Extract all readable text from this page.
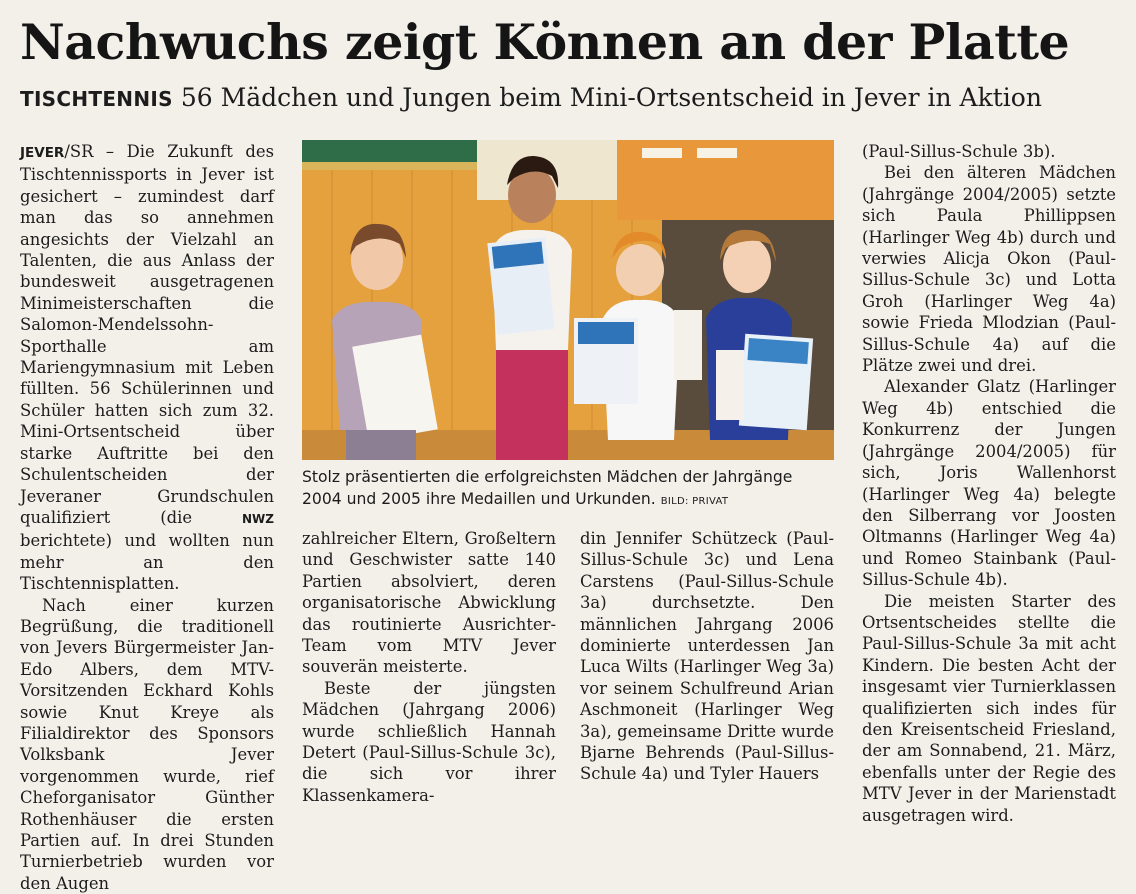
Nachwuchs zeigt Können an der Platte
TISCHTENNIS 56 Mädchen und Jungen beim Mini-Ortsentscheid in Jever in Aktion

JEVER/SR – Die Zukunft des Tischtennissports in Jever ist gesichert – zumindest darf man das so annehmen angesichts der Vielzahl an Talenten, die aus Anlass der bundesweit ausgetragenen Minimeisterschaften die Salomon-Mendelssohn-Sporthalle am Mariengymnasium mit Leben füllten. 56 Schülerinnen und Schüler hatten sich zum 32. Mini-Ortsentscheid über starke Auftritte bei den Schulentscheiden der Jeveraner Grundschulen qualifiziert (die NWZ berichtete) und wollten nun mehr an den Tischtennisplatten.

Nach einer kurzen Begrüßung, die traditionell von Jevers Bürgermeister Jan-Edo Albers, dem MTV-Vorsitzenden Eckhard Kohls sowie Knut Kreye als Filialdirektor des Sponsors Volksbank Jever vorgenommen wurde, rief Cheforganisator Günther Rothenhäuser die ersten Partien auf. In drei Stunden Turnierbetrieb wurden vor den Augen

Stolz präsentierten die erfolgreichsten Mädchen der Jahrgänge 2004 und 2005 ihre Medaillen und Urkunden. BILD: PRIVAT

zahlreicher Eltern, Großeltern und Geschwister satte 140 Partien absolviert, deren organisatorische Abwicklung das routinierte Ausrichter-Team vom MTV Jever souverän meisterte.

Beste der jüngsten Mädchen (Jahrgang 2006) wurde schließlich Hannah Detert (Paul-Sillus-Schule 3c), die sich vor ihrer Klassenkamera-

din Jennifer Schützeck (Paul-Sillus-Schule 3c) und Lena Carstens (Paul-Sillus-Schule 3a) durchsetzte. Den männlichen Jahrgang 2006 dominierte unterdessen Jan Luca Wilts (Harlinger Weg 3a) vor seinem Schulfreund Arian Aschmoneit (Harlinger Weg 3a), gemeinsame Dritte wurde Bjarne Behrends (Paul-Sillus-Schule 4a) und Tyler Hauers

(Paul-Sillus-Schule 3b).

Bei den älteren Mädchen (Jahrgänge 2004/2005) setzte sich Paula Phillippsen (Harlinger Weg 4b) durch und verwies Alicja Okon (Paul-Sillus-Schule 3c) und Lotta Groh (Harlinger Weg 4a) sowie Frieda Mlodzian (Paul-Sillus-Schule 4a) auf die Plätze zwei und drei.

Alexander Glatz (Harlinger Weg 4b) entschied die Konkurrenz der Jungen (Jahrgänge 2004/2005) für sich, Joris Wallenhorst (Harlinger Weg 4a) belegte den Silberrang vor Joosten Oltmanns (Harlinger Weg 4a) und Romeo Stainbank (Paul-Sillus-Schule 4b).

Die meisten Starter des Ortsentscheides stellte die Paul-Sillus-Schule 3a mit acht Kindern. Die besten Acht der insgesamt vier Turnierklassen qualifizierten sich indes für den Kreisentscheid Friesland, der am Sonnabend, 21. März, ebenfalls unter der Regie des MTV Jever in der Marienstadt ausgetragen wird.
